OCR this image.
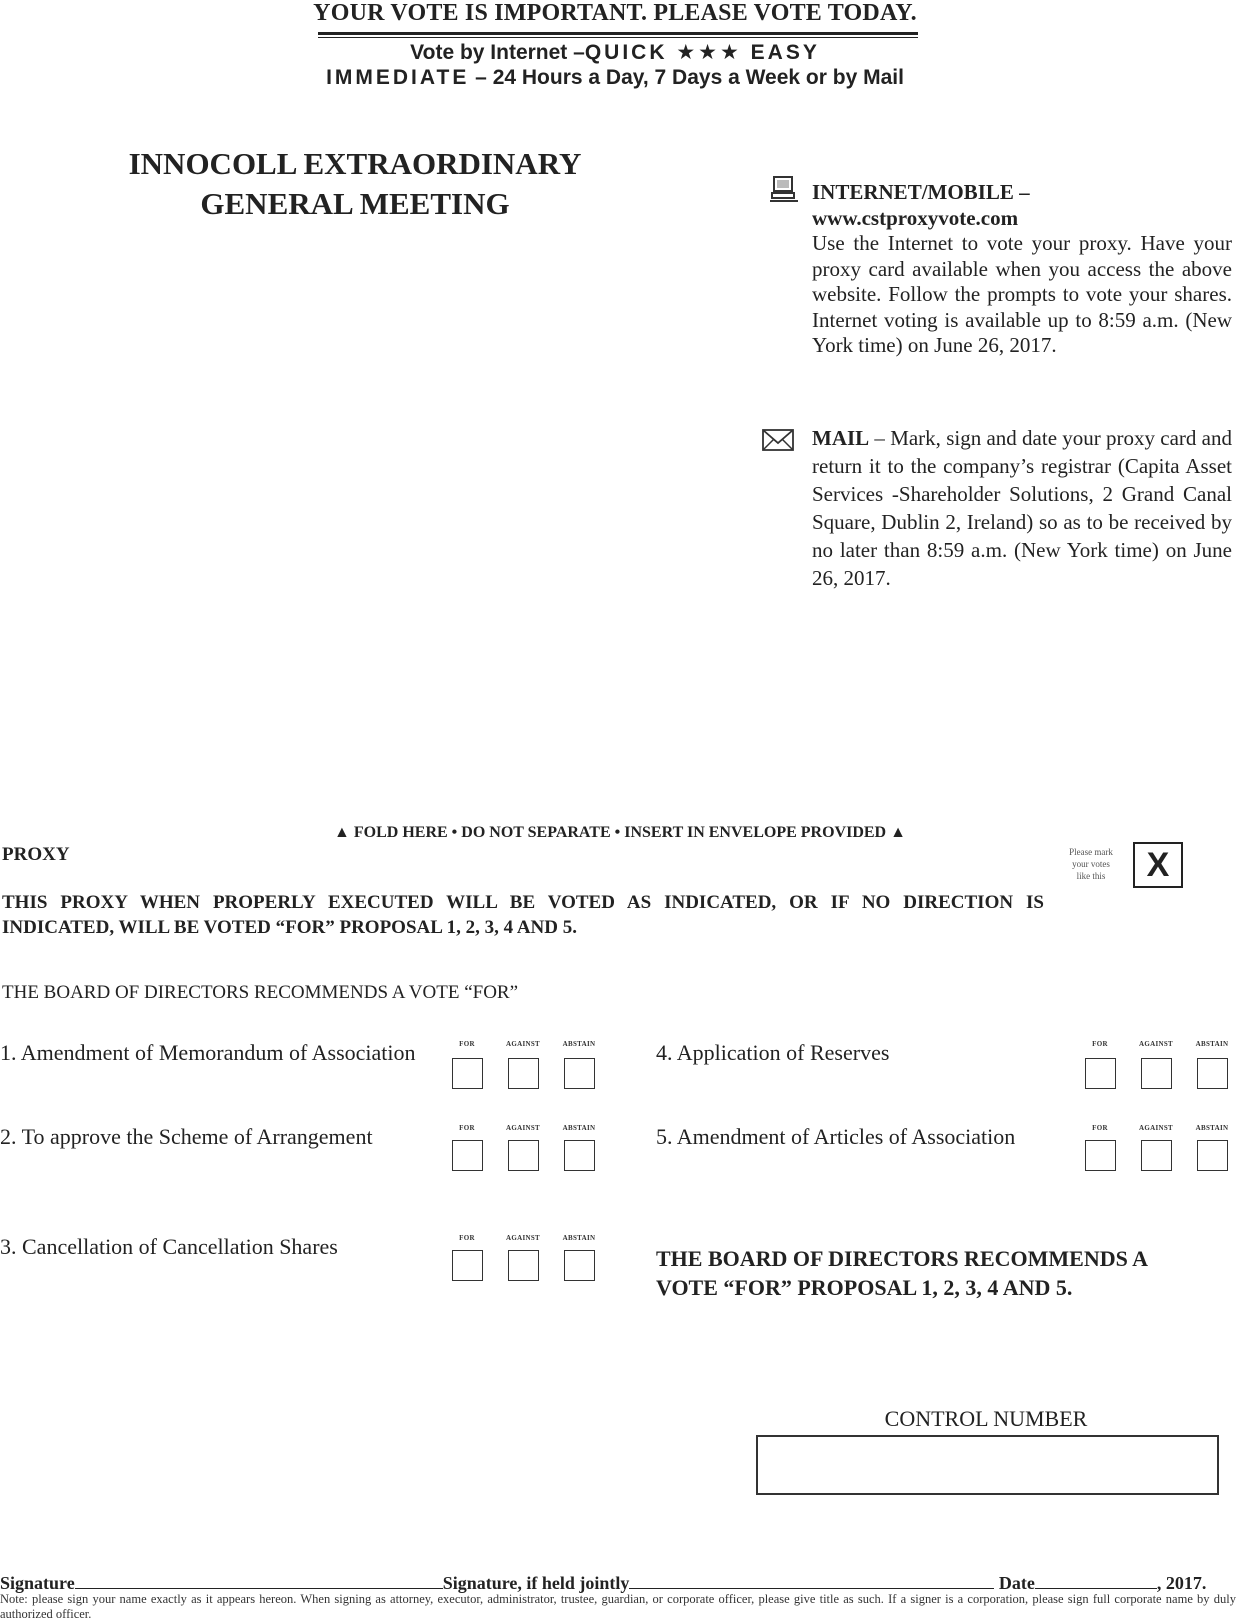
YOUR VOTE IS IMPORTANT. PLEASE VOTE TODAY.
Vote by Internet –QUICK ★★★ EASY
IMMEDIATE – 24 Hours a Day, 7 Days a Week or by Mail
INNOCOLL EXTRAORDINARY
GENERAL MEETING	INTERNET/MOBILE –
www.cstproxyvote.com
Use the Internet to vote your proxy. Have your proxy card available when you access the above website. Follow the prompts to vote your shares. Internet voting is available up to 8:59 a.m. (New York time) on June 26, 2017.
MAIL – Mark, sign and date your proxy card and return it to the company’s registrar (Capita Asset Services -Shareholder Solutions, 2 Grand Canal Square, Dublin 2, Ireland) so as to be received by no later than 8:59 a.m. (New York time) on June 26, 2017.
▲ FOLD HERE • DO NOT SEPARATE • INSERT IN ENVELOPE PROVIDED ▲
PROXY	Please mark
your votes
like this	X
THIS PROXY WHEN PROPERLY EXECUTED WILL BE VOTED AS INDICATED, OR IF NO DIRECTION IS INDICATED, WILL BE VOTED “FOR” PROPOSAL 1, 2, 3, 4 AND 5.
THE BOARD OF DIRECTORS RECOMMENDS A VOTE “FOR”
1. Amendment of Memorandum of Association	FOR	AGAINST	ABSTAIN
2. To approve the Scheme of Arrangement	FOR	AGAINST	ABSTAIN
3. Cancellation of Cancellation Shares	FOR	AGAINST	ABSTAIN
4. Application of Reserves	FOR	AGAINST	ABSTAIN
5. Amendment of Articles of Association	FOR	AGAINST	ABSTAIN
THE BOARD OF DIRECTORS RECOMMENDS A
VOTE “FOR” PROPOSAL 1, 2, 3, 4 AND 5.
CONTROL NUMBER
Signature	Signature, if held jointly	Date	, 2017.
Note: please sign your name exactly as it appears hereon. When signing as attorney, executor, administrator, trustee, guardian, or corporate officer, please give title as such. If a signer is a corporation, please sign full corporate name by duly authorized officer.
